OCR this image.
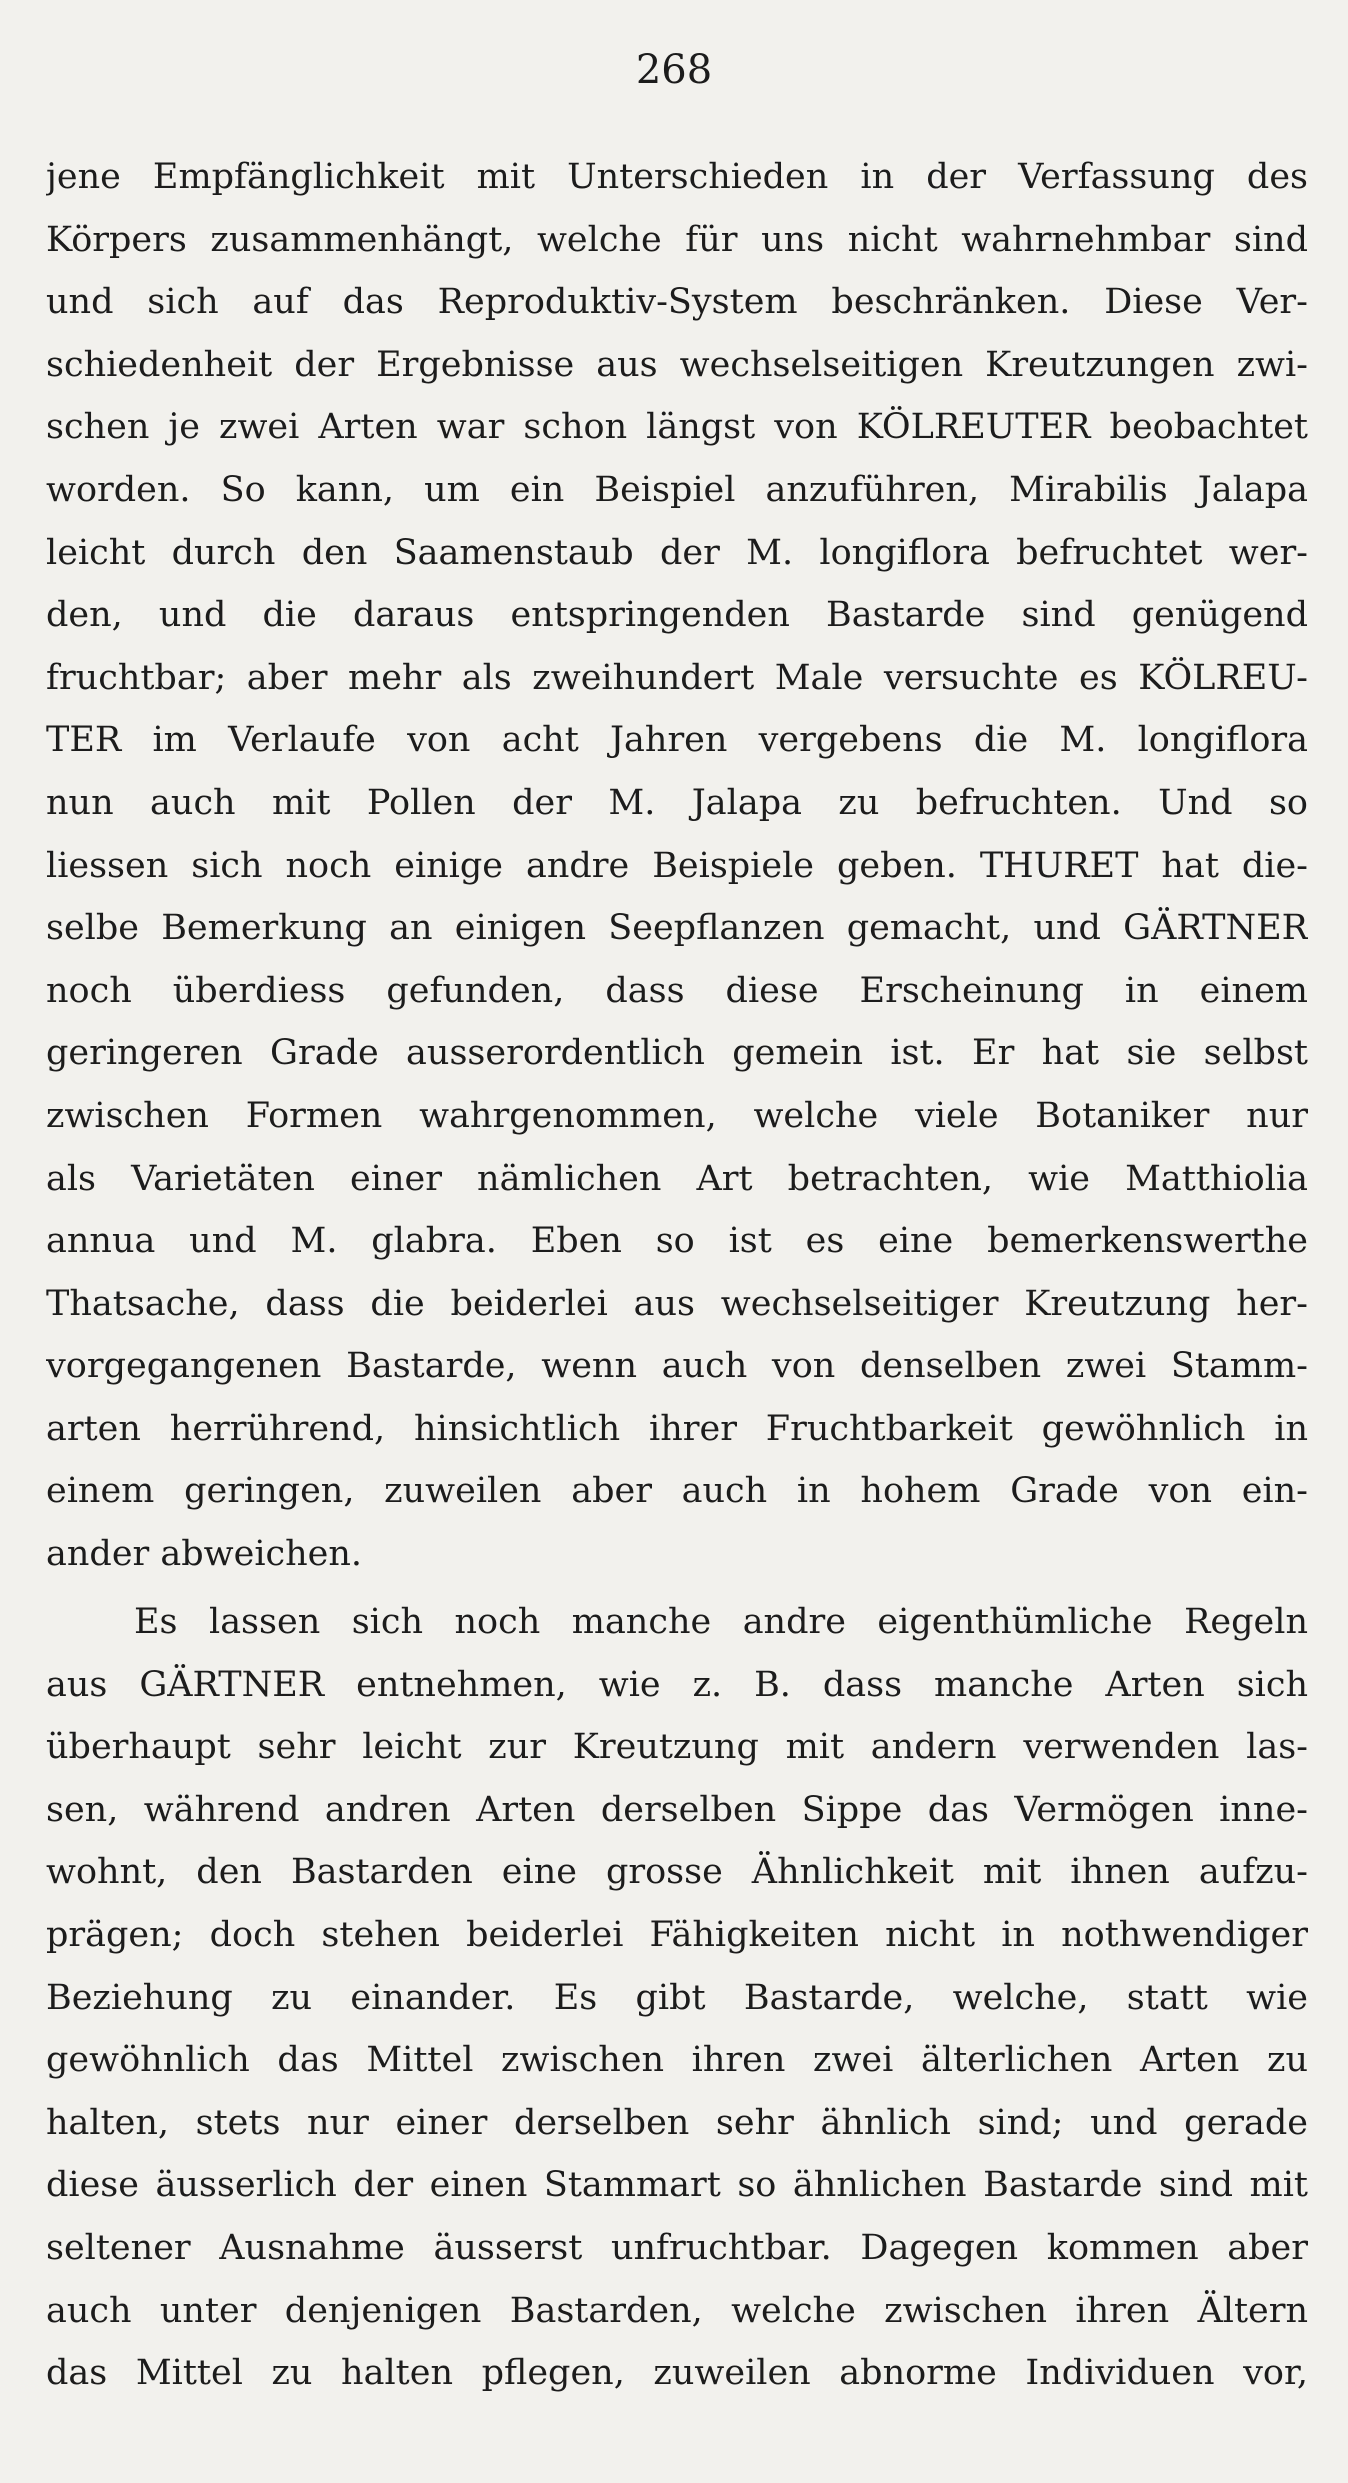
268
jene Empfänglichkeit mit Unterschieden in der Verfassung des
Körpers zusammenhängt, welche für uns nicht wahrnehmbar sind
und sich auf das Reproduktiv-System beschränken. Diese Ver-
schiedenheit der Ergebnisse aus wechselseitigen Kreutzungen zwi-
schen je zwei Arten war schon längst von KÖLREUTER beobachtet
worden. So kann, um ein Beispiel anzuführen, Mirabilis Jalapa
leicht durch den Saamenstaub der M. longiflora befruchtet wer-
den, und die daraus entspringenden Bastarde sind genügend
fruchtbar; aber mehr als zweihundert Male versuchte es KÖLREU-
TER im Verlaufe von acht Jahren vergebens die M. longiflora
nun auch mit Pollen der M. Jalapa zu befruchten. Und so
liessen sich noch einige andre Beispiele geben. THURET hat die-
selbe Bemerkung an einigen Seepflanzen gemacht, und GÄRTNER
noch überdiess gefunden, dass diese Erscheinung in einem
geringeren Grade ausserordentlich gemein ist. Er hat sie selbst
zwischen Formen wahrgenommen, welche viele Botaniker nur
als Varietäten einer nämlichen Art betrachten, wie Matthiolia
annua und M. glabra. Eben so ist es eine bemerkenswerthe
Thatsache, dass die beiderlei aus wechselseitiger Kreutzung her-
vorgegangenen Bastarde, wenn auch von denselben zwei Stamm-
arten herrührend, hinsichtlich ihrer Fruchtbarkeit gewöhnlich in
einem geringen, zuweilen aber auch in hohem Grade von ein-
ander abweichen.
Es lassen sich noch manche andre eigenthümliche Regeln
aus GÄRTNER entnehmen, wie z. B. dass manche Arten sich
überhaupt sehr leicht zur Kreutzung mit andern verwenden las-
sen, während andren Arten derselben Sippe das Vermögen inne-
wohnt, den Bastarden eine grosse Ähnlichkeit mit ihnen aufzu-
prägen; doch stehen beiderlei Fähigkeiten nicht in nothwendiger
Beziehung zu einander. Es gibt Bastarde, welche, statt wie
gewöhnlich das Mittel zwischen ihren zwei älterlichen Arten zu
halten, stets nur einer derselben sehr ähnlich sind; und gerade
diese äusserlich der einen Stammart so ähnlichen Bastarde sind mit
seltener Ausnahme äusserst unfruchtbar. Dagegen kommen aber
auch unter denjenigen Bastarden, welche zwischen ihren Ältern
das Mittel zu halten pflegen, zuweilen abnorme Individuen vor,
